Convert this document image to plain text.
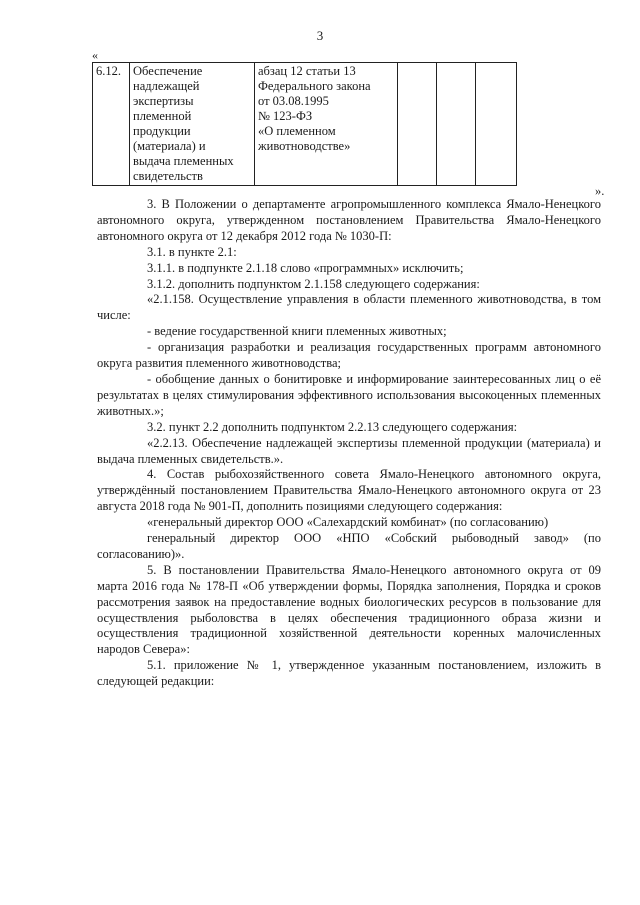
3
«
6.12.	Обеспечение
надлежащей
экспертизы
племенной
продукции
(материала) и
выдача племенных
свидетельств	абзац 12 статьи 13
Федерального закона
от 03.08.1995
№ 123-ФЗ
«О племенном
животноводстве»			
».

3. В Положении о департаменте агропромышленного комплекса Ямало-Ненецкого автономного округа, утвержденном постановлением Правительства Ямало-Ненецкого автономного округа от 12 декабря 2012 года № 1030-П:

3.1. в пункте 2.1:

3.1.1. в подпункте 2.1.18 слово «программных» исключить;

3.1.2. дополнить подпунктом 2.1.158 следующего содержания:

«2.1.158. Осуществление управления в области племенного животноводства, в том числе:

- ведение государственной книги племенных животных;

- организация разработки и реализация государственных программ автономного округа развития племенного животноводства;

- обобщение данных о бонитировке и информирование заинтересованных лиц о её результатах в целях стимулирования эффективного использования высокоценных племенных животных.»;

3.2. пункт 2.2 дополнить подпунктом 2.2.13 следующего содержания:

«2.2.13. Обеспечение надлежащей экспертизы племенной продукции (материала) и выдача племенных свидетельств.».

4. Состав рыбохозяйственного совета Ямало-Ненецкого автономного округа, утверждённый постановлением Правительства Ямало-Ненецкого автономного округа от 23 августа 2018 года № 901-П, дополнить позициями следующего содержания:

«генеральный директор ООО «Салехардский комбинат» (по согласованию)

генеральный директор ООО «НПО «Собский рыбоводный завод» (по согласованию)».

5. В постановлении Правительства Ямало-Ненецкого автономного округа от 09 марта 2016 года № 178-П «Об утверждении формы, Порядка заполнения, Порядка и сроков рассмотрения заявок на предоставление водных биологических ресурсов в пользование для осуществления рыболовства в целях обеспечения традиционного образа жизни и осуществления традиционной хозяйственной деятельности коренных малочисленных народов Севера»:

5.1. приложение № 1, утвержденное указанным постановлением, изложить в следующей редакции:
